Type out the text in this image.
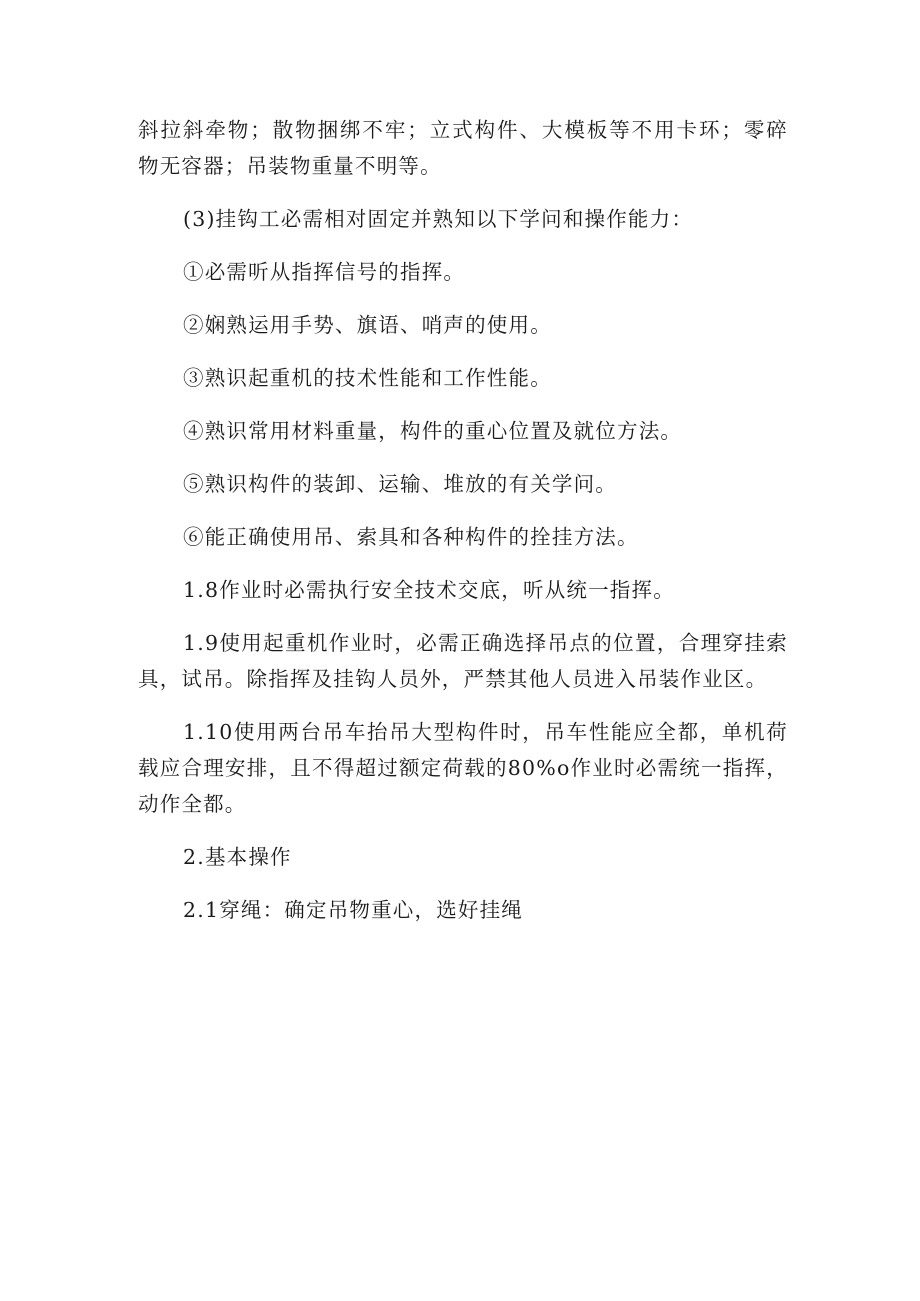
斜拉斜牵物；散物捆绑不牢；立式构件、大模板等不用卡环；零碎物无容器；吊装物重量不明等。

(3)挂钩工必需相对固定并熟知以下学问和操作能力：

①必需听从指挥信号的指挥。

②娴熟运用手势、旗语、哨声的使用。

③熟识起重机的技术性能和工作性能。

④熟识常用材料重量，构件的重心位置及就位方法。

⑤熟识构件的装卸、运输、堆放的有关学问。

⑥能正确使用吊、索具和各种构件的拴挂方法。

1.8作业时必需执行安全技术交底，听从统一指挥。

1.9使用起重机作业时，必需正确选择吊点的位置，合理穿挂索具，试吊。除指挥及挂钩人员外，严禁其他人员进入吊装作业区。

1.10使用两台吊车抬吊大型构件时，吊车性能应全都，单机荷载应合理安排，且不得超过额定荷载的80%o作业时必需统一指挥，动作全都。

2.基本操作

2.1穿绳：确定吊物重心，选好挂绳
